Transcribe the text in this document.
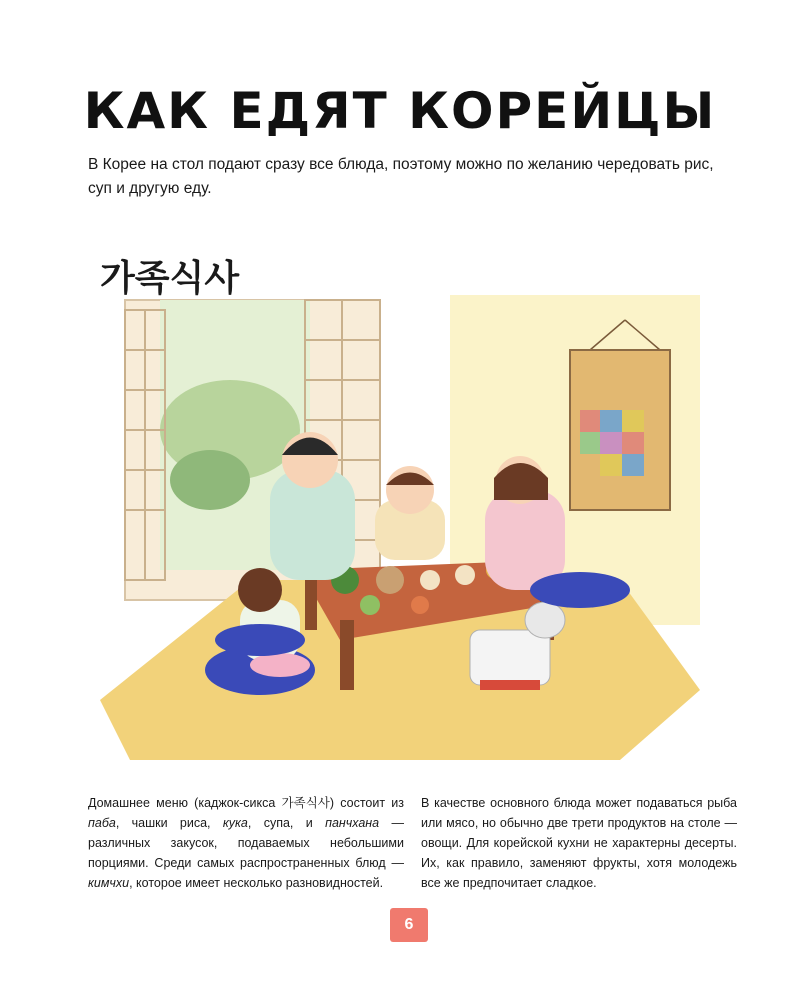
КАК ЕДЯТ КОРЕЙЦЫ
В Корее на стол подают сразу все блюда, поэтому можно по желанию чередовать рис, суп и другую еду.
가족식사
Домашнее меню (каджок-сикса 가족식사) состоит из паба, чашки риса, кука, супа, и панчхана — различных закусок, подаваемых небольшими порциями. Среди самых распространенных блюд — кимчхи, которое имеет несколько разновидностей.
В качестве основного блюда может подаваться рыба или мясо, но обычно две трети продуктов на столе — овощи. Для корейской кухни не характерны десерты. Их, как правило, заменяют фрукты, хотя молодежь все же предпочитает сладкое.
6
